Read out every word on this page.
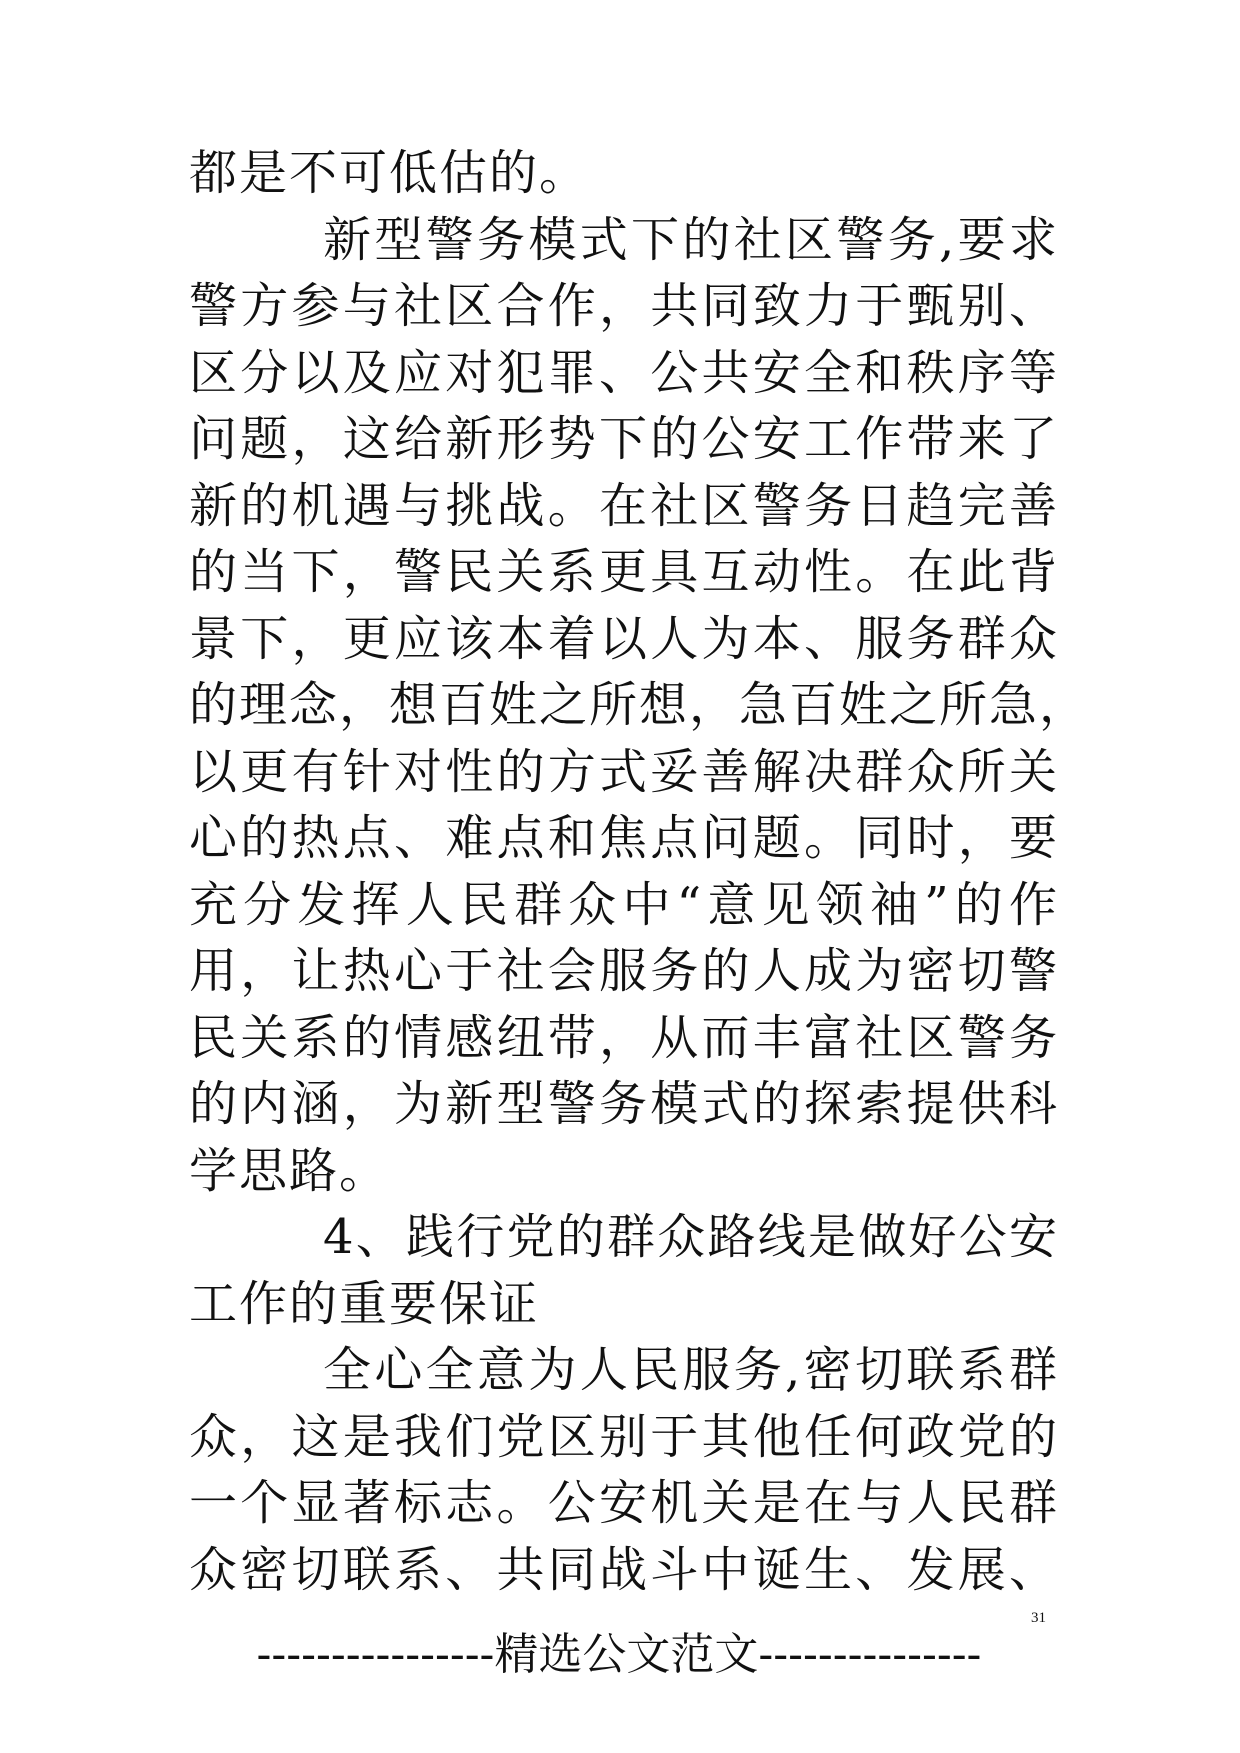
都是不可低估的。
新型警务模式下的社区警务,要求
警方参与社区合作，共同致力于甄别、
区分以及应对犯罪、公共安全和秩序等
问题，这给新形势下的公安工作带来了
新的机遇与挑战。在社区警务日趋完善
的当下，警民关系更具互动性。在此背
景下，更应该本着以人为本、服务群众
的理念，想百姓之所想，急百姓之所急，
以更有针对性的方式妥善解决群众所关
心的热点、难点和焦点问题。同时，要
充分发挥人民群众中“意见领袖”的作
用，让热心于社会服务的人成为密切警
民关系的情感纽带，从而丰富社区警务
的内涵，为新型警务模式的探索提供科
学思路。
4、践行党的群众路线是做好公安
工作的重要保证
全心全意为人民服务,密切联系群
众，这是我们党区别于其他任何政党的
一个显著标志。公安机关是在与人民群
众密切联系、共同战斗中诞生、发展、
31
----------------精选公文范文---------------
